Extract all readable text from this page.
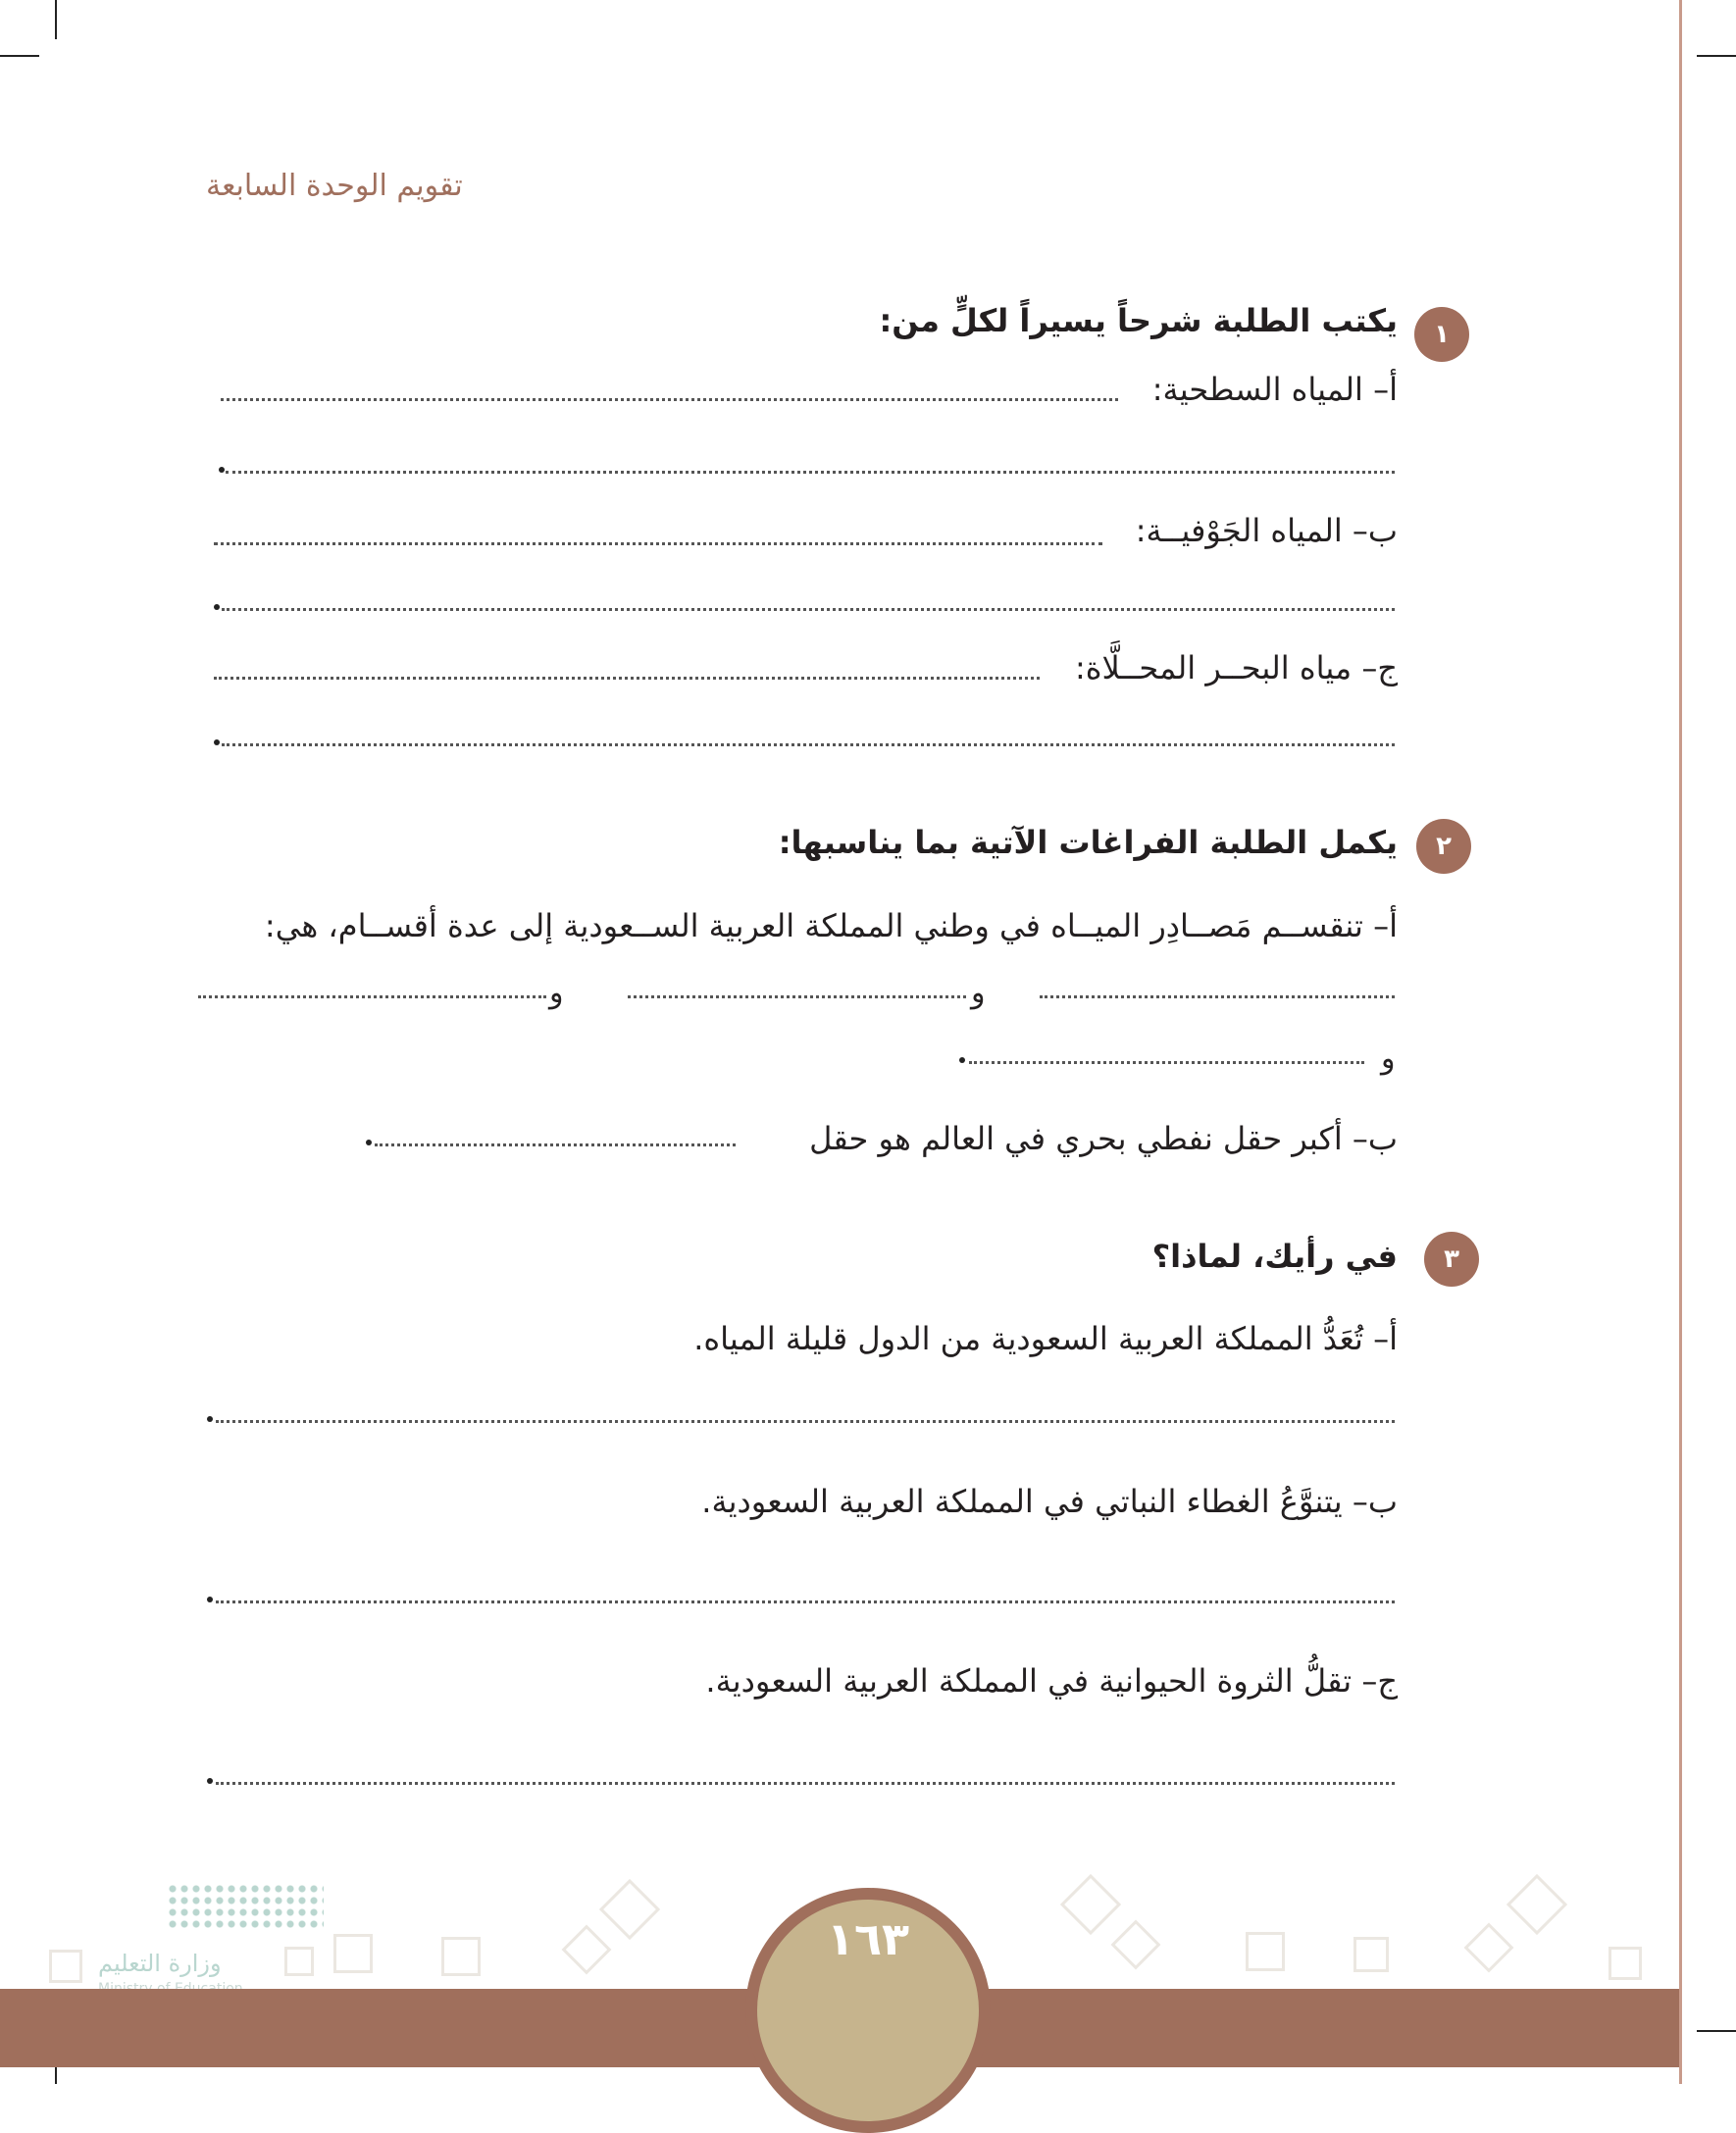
تقويم الوحدة السابعة
١
يكتب الطلبة شرحاً يسيراً لكلٍّ من:
أ– المياه السطحية:
ب– المياه الجَوْفيــة:
ج– مياه البحــر المحــلَّاة:
٢
يكمل الطلبة الفراغات الآتية بما يناسبها:
أ– تنقســم مَصــادِر الميــاه في وطني المملكة العربية الســعودية إلى عدة أقســام، هي:
و
و
و
ب– أكبر حقل نفطي بحري في العالم هو حقل
٣
في رأيك، لماذا؟
أ– تُعَدُّ المملكة العربية السعودية من الدول قليلة المياه.
ب– يتنوَّعُ الغطاء النباتي في المملكة العربية السعودية.
ج– تقلُّ الثروة الحيوانية في المملكة العربية السعودية.
وزارة التعليم	١٦٣
